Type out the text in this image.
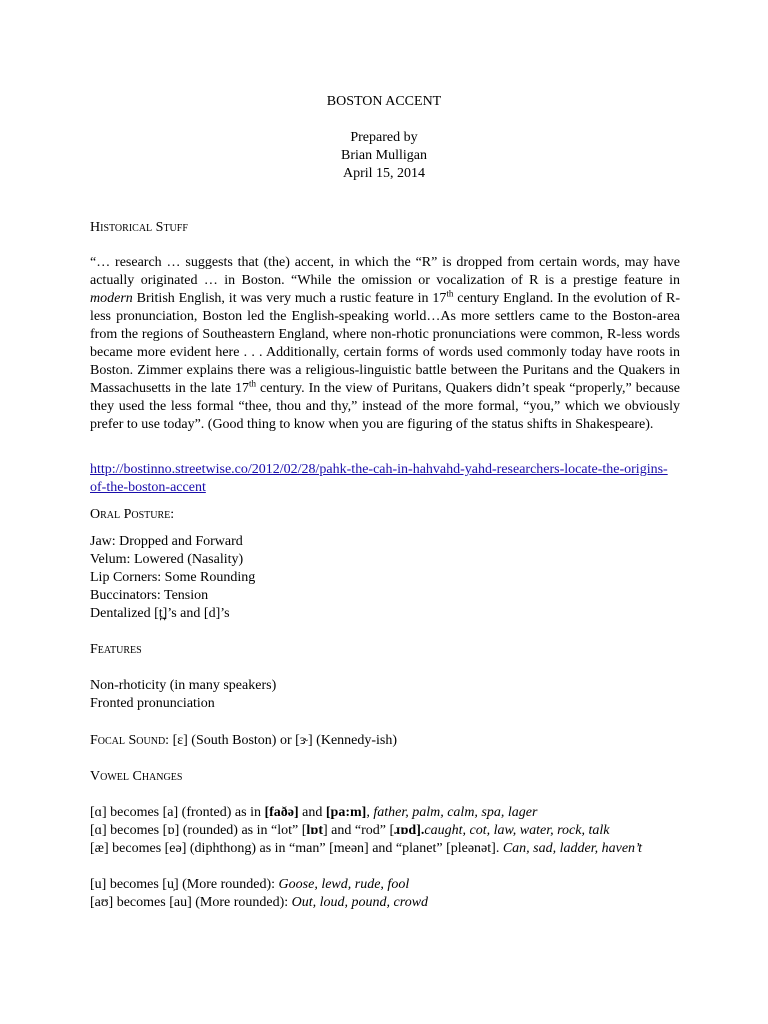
BOSTON ACCENT
Prepared by
Brian Mulligan
April 15, 2014
Historical Stuff
“… research … suggests that (the) accent, in which the “R” is dropped from certain words, may have actually originated … in Boston. “While the omission or vocalization of R is a prestige feature in modern British English, it was very much a rustic feature in 17th century England. In the evolution of R-less pronunciation, Boston led the English-speaking world…As more settlers came to the Boston-area from the regions of Southeastern England, where non-rhotic pronunciations were common, R-less words became more evident here . . . Additionally, certain forms of words used commonly today have roots in Boston. Zimmer explains there was a religious-linguistic battle between the Puritans and the Quakers in Massachusetts in the late 17th century. In the view of Puritans, Quakers didn’t speak “properly,” because they used the less formal “thee, thou and thy,” instead of the more formal, “you,” which we obviously prefer to use today”. (Good thing to know when you are figuring of the status shifts in Shakespeare).
http://bostinno.streetwise.co/2012/02/28/pahk-the-cah-in-hahvahd-yahd-researchers-locate-the-origins-of-the-boston-accent
Oral Posture:
Jaw: Dropped and Forward
Velum: Lowered (Nasality)
Lip Corners: Some Rounding
Buccinators: Tension
Dentalized [t̪]’s and [d]’s
Features
Non-rhoticity (in many speakers)
Fronted pronunciation
Focal Sound: [ɛ] (South Boston) or [ɝ] (Kennedy-ish)
Vowel Changes
[ɑ] becomes [a] (fronted) as in [faðə] and [pa:m], father, palm, calm, spa, lager
[ɑ] becomes [ɒ] (rounded) as in “lot” [lɒt] and “rod” [ɹɒd].caught, cot, law, water, rock, talk
[æ] becomes [eə] (diphthong) as in “man” [meən] and “planet” [pleənət]. Can, sad, ladder, haven’t
[u] becomes [u̹] (More rounded): Goose, lewd, rude, fool
[aʊ] becomes [au] (More rounded): Out, loud, pound, crowd
